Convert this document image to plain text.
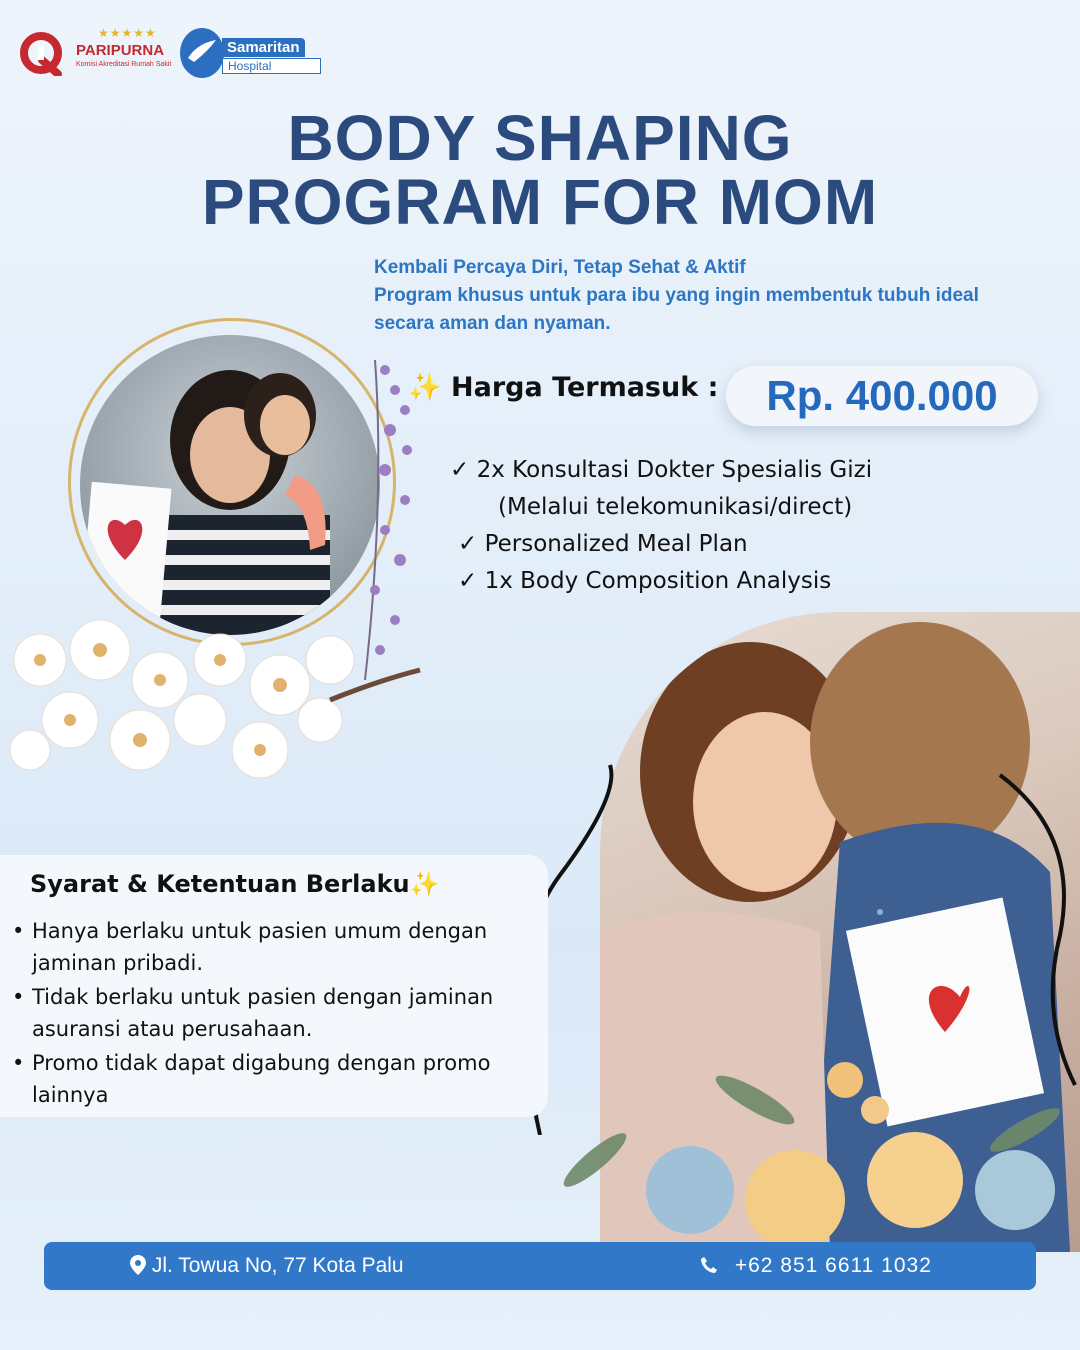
★★★★★
PARIPURNA
Komisi Akreditasi Rumah Sakit
Samaritan
Hospital
BODY SHAPING
PROGRAM FOR MOM
Kembali Percaya Diri, Tetap Sehat & Aktif
Program khusus untuk para ibu yang ingin membentuk tubuh ideal
secara aman dan nyaman.
✨ Harga Termasuk :	Rp. 400.000
✓ 2x Konsultasi Dokter Spesialis Gizi
(Melalui telekomunikasi/direct)
✓ Personalized Meal Plan
✓ 1x Body Composition Analysis
Syarat & Ketentuan Berlaku✨
• Hanya berlaku untuk pasien umum dengan jaminan pribadi.
• Tidak berlaku untuk pasien dengan jaminan asuransi atau perusahaan.
• Promo tidak dapat digabung dengan promo lainnya
Jl. Towua No, 77 Kota Palu	+62 851 6611 1032
